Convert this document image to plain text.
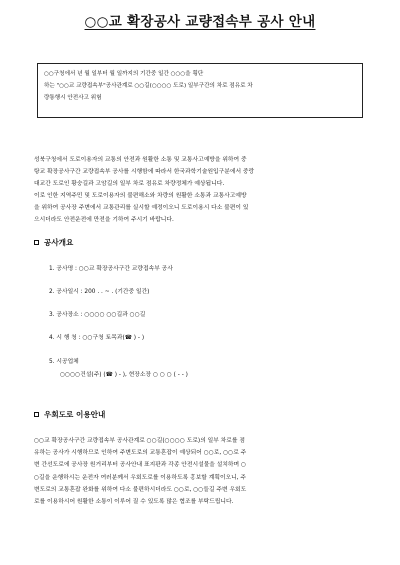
○○교 확장공사 교량접속부 공사 안내
○○구청에서 년 월 일부터 월 일까지의 기간중 일간 ○○○을 횡단
하는 "○○교 교량접속부"공사관계로 ○○길(○○○○ 도로) 일부구간의 차로 점유로 차
량통행시 안전사고 위험
성북구청에서 도로이용자의 교통의 안전과 원활한 소통 및 교통사고예방을 위하여 중
탕교 확장공사구간 교량접속부 공사를 시행함에 따라서 한국과학기술원입구분에서 중랑
대교간 도로인 황숭길과 고암길의 일부 차로 점유로 차량정체가 예상됩니다.
이로 인한 지역주민 및 도로이용자의 불편해소와 차량의 원활한 소통과 교통사고예방
을 위하여 공사장 주변에서 교통관리를 실시할 예정이오니 도로이용시 다소 불편이 있
으시더라도 안전운전에 만전을 기하여 주시기 바랍니다.
공사개요
1. 공사명 : ○○교 확장공사구간 교량접속부 공사
2. 공사일시 : 200 . . ~ . (기간중 일간)
3. 공사장소 : ○○○○ ○○길과 ○○길
4. 시 행 청 : ○○구청 토목과(☎ ) - )
5. 시공업체
○○○○건설(주) (☎ ) - ), 현장소장 ○ ○ ○ ( - - )
우회도로 이용안내
○○교 확장공사구간 교량접속부 공사관계로 ○○길(○○○○ 도로)의 일부 차로를 점
유하는 공사가 시행하므로 인하여 주변도로의 교통혼잡이 예상되어 ○○로, ○○로 주
변 간선도로에 공사장 원거리부터 공사안내 표지판과 각종 안전시설물을 설치하며 ○
○길을 운행하시는 운전자 여러분께서 우회도로를 이용하도록 홍보할 계획이오니, 주
변도로의 교통혼잡 완화를 위하여 다소 불편하시더라도 ○○로, ○○들길 주변 우회도
로를 이용하시어 원활한 소통이 이루어 질 수 있도록 많은 협조를 부탁드립니다.
